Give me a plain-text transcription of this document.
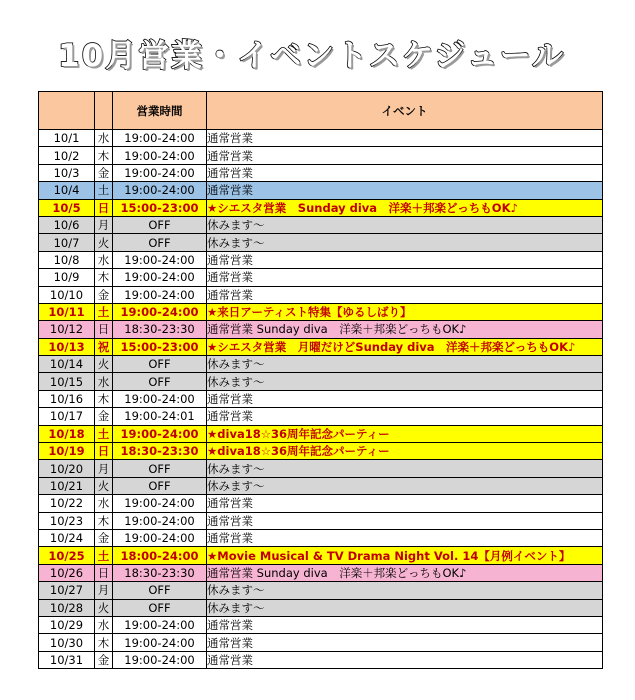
10月営業・イベントスケジュール
		営業時間	イベント
10/1	水	19:00-24:00	通常営業
10/2	木	19:00-24:00	通常営業
10/3	金	19:00-24:00	通常営業
10/4	土	19:00-24:00	通常営業
10/5	日	15:00-23:00	★シエスタ営業　Sunday diva　洋楽＋邦楽どっちもOK♪
10/6	月	OFF	休みます〜
10/7	火	OFF	休みます〜
10/8	水	19:00-24:00	通常営業
10/9	木	19:00-24:00	通常営業
10/10	金	19:00-24:00	通常営業
10/11	土	19:00-24:00	★来日アーティスト特集【ゆるしばり】
10/12	日	18:30-23:30	通常営業 Sunday diva　洋楽＋邦楽どっちもOK♪
10/13	祝	15:00-23:00	★シエスタ営業　月曜だけどSunday diva　洋楽＋邦楽どっちもOK♪
10/14	火	OFF	休みます〜
10/15	水	OFF	休みます〜
10/16	木	19:00-24:00	通常営業
10/17	金	19:00-24:01	通常営業
10/18	土	19:00-24:00	★diva18☆36周年記念パーティー
10/19	日	18:30-23:30	★diva18☆36周年記念パーティー
10/20	月	OFF	休みます〜
10/21	火	OFF	休みます〜
10/22	水	19:00-24:00	通常営業
10/23	木	19:00-24:00	通常営業
10/24	金	19:00-24:00	通常営業
10/25	土	18:00-24:00	★Movie Musical & TV Drama Night Vol. 14【月例イベント】
10/26	日	18:30-23:30	通常営業 Sunday diva　洋楽＋邦楽どっちもOK♪
10/27	月	OFF	休みます〜
10/28	火	OFF	休みます〜
10/29	水	19:00-24:00	通常営業
10/30	木	19:00-24:00	通常営業
10/31	金	19:00-24:00	通常営業
